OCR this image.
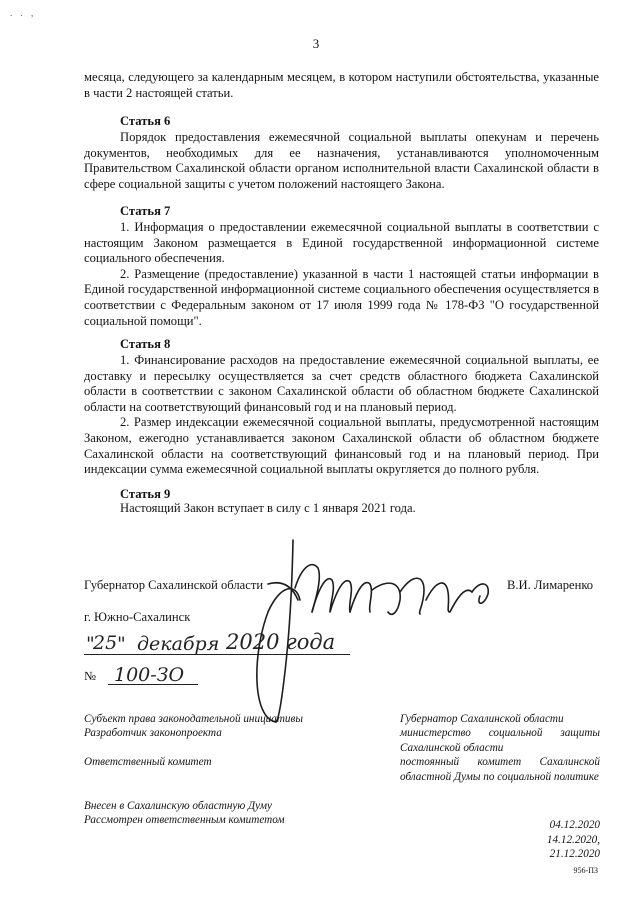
. . ,
3

месяца, следующего за календарным месяцем, в котором наступили обстоятельства, указанные в части 2 настоящей статьи.

Статья 6

Порядок предоставления ежемесячной социальной выплаты опекунам и перечень документов, необходимых для ее назначения, устанавливаются уполномоченным Правительством Сахалинской области органом исполнительной власти Сахалинской области в сфере социальной защиты с учетом положений настоящего Закона.

Статья 7

1. Информация о предоставлении ежемесячной социальной выплаты в соответствии с настоящим Законом размещается в Единой государственной информационной системе социального обеспечения.

2. Размещение (предоставление) указанной в части 1 настоящей статьи информации в Единой государственной информационной системе социального обеспечения осуществляется в соответствии с Федеральным законом от 17 июля 1999 года № 178-ФЗ "О государственной социальной помощи".

Статья 8

1. Финансирование расходов на предоставление ежемесячной социальной выплаты, ее доставку и пересылку осуществляется за счет средств областного бюджета Сахалинской области в соответствии с законом Сахалинской области об областном бюджете Сахалинской области на соответствующий финансовый год и на плановый период.

2. Размер индексации ежемесячной социальной выплаты, предусмотренной настоящим Законом, ежегодно устанавливается законом Сахалинской области об областном бюджете Сахалинской области на соответствующий финансовый год и на плановый период. При индексации сумма ежемесячной социальной выплаты округляется до полного рубля.

Статья 9

Настоящий Закон вступает в силу с 1 января 2021 года.

Губернатор Сахалинской области	В.И. Лимаренко
г. Южно-Сахалинск
"
25 " декабря 2020 года
№ 100-ЗО
Субъект права законодательной инициативы
Разработчик законопроекта
Ответственный комитет
Внесен в Сахалинскую областную Думу
Рассмотрен ответственным комитетом

Губернатор Сахалинской области

министерство социальной защиты Сахалинской области

постоянный комитет Сахалинской областной Думы по социальной политике

04.12.2020
14.12.2020,
21.12.2020
956-ПЗ
